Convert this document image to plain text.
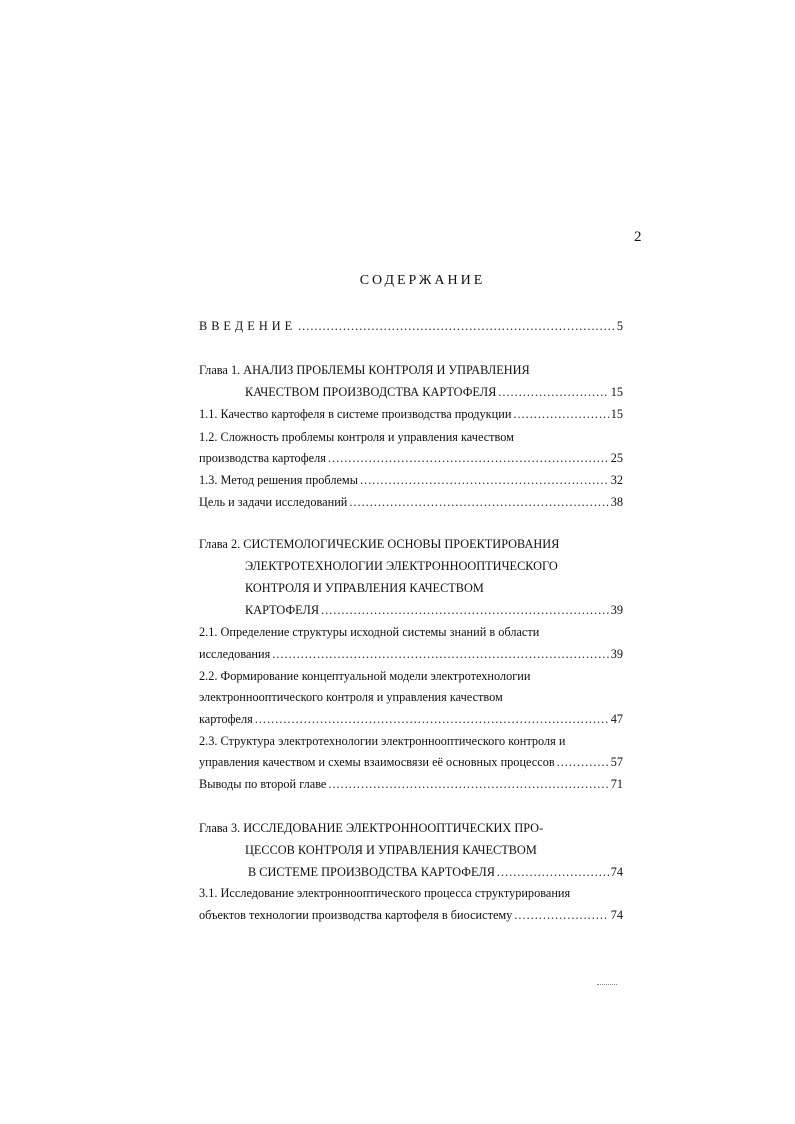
2
СОДЕРЖАНИЕ
ВВЕДЕНИЕ .....	5
Глава 1. АНАЛИЗ ПРОБЛЕМЫ КОНТРОЛЯ И УПРАВЛЕНИЯ
КАЧЕСТВОМ ПРОИЗВОДСТВА КАРТОФЕЛЯ .....	15
1.1. Качество картофеля в системе производства продукции .....	15
1.2. Сложность проблемы контроля и управления качеством
производства картофеля .....	25
1.3. Метод решения проблемы .....	32
Цель и задачи исследований .....	38
Глава 2. СИСТЕМОЛОГИЧЕСКИЕ ОСНОВЫ ПРОЕКТИРОВАНИЯ
ЭЛЕКТРОТЕХНОЛОГИИ ЭЛЕКТРОННООПТИЧЕСКОГО
КОНТРОЛЯ И УПРАВЛЕНИЯ КАЧЕСТВОМ
КАРТОФЕЛЯ .....	39
2.1. Определение структуры исходной системы знаний в области
исследования .....	39
2.2. Формирование концептуальной модели электротехнологии
электронноoптического контроля и управления качеством
картофеля .....	47
2.3. Структура электротехнологии электронноoптического контроля и
управления качеством и схемы взаимосвязи её основных процессов .....	57
Выводы по второй главе .....	71
Глава 3. ИССЛЕДОВАНИЕ ЭЛЕКТРОННООПТИЧЕСКИХ ПРО-
ЦЕССОВ КОНТРОЛЯ И УПРАВЛЕНИЯ КАЧЕСТВОМ
В СИСТЕМЕ ПРОИЗВОДСТВА КАРТОФЕЛЯ .....	74
3.1. Исследование электронноoптического процесса структурирования
объектов технологии производства картофеля в биосистему .....	74
